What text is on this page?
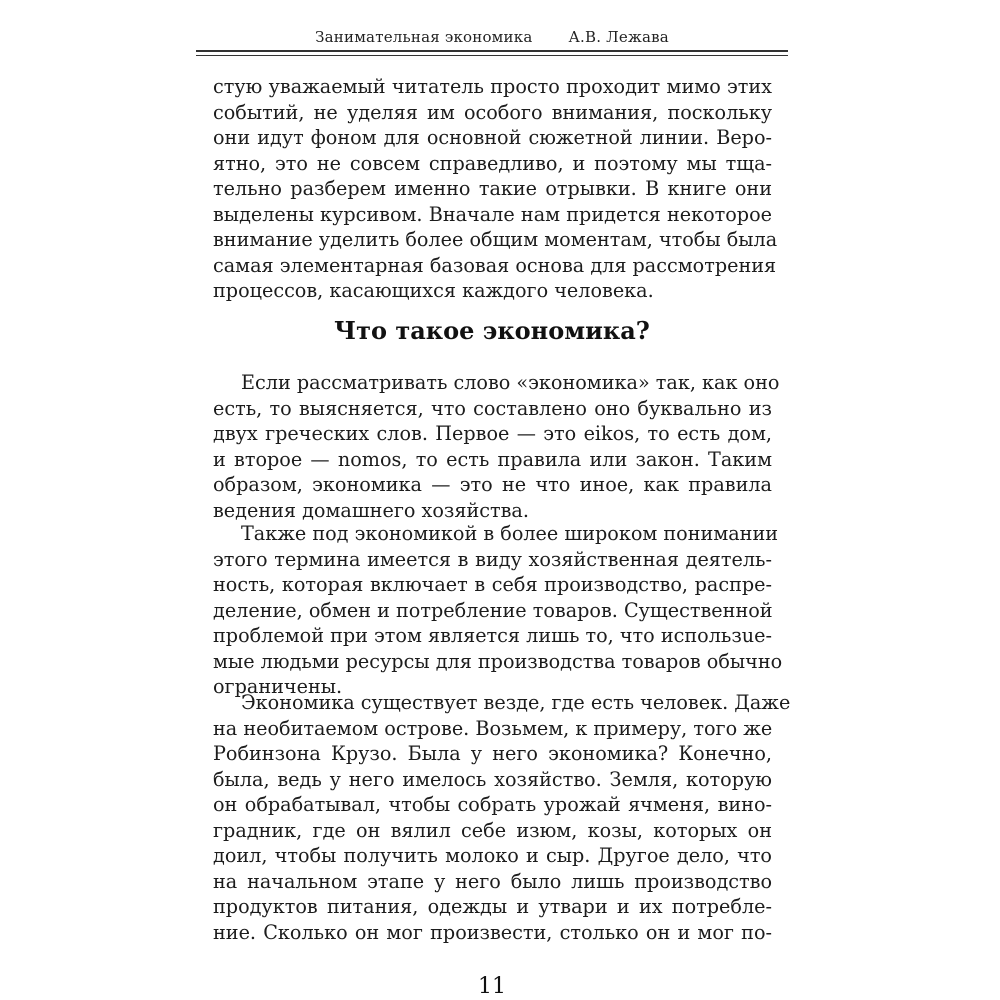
Занимательная экономика А.В. Лежава
стую уважаемый читатель просто проходит мимо этих
событий, не уделяя им особого внимания, поскольку
они идут фоном для основной сюжетной линии. Веро-
ятно, это не совсем справедливо, и поэтому мы тща-
тельно разберем именно такие отрывки. В книге они
выделены курсивом. Вначале нам придется некоторое
внимание уделить более общим моментам, чтобы была
самая элементарная базовая основа для рассмотрения
процессов, касающихся каждого человека.
Что такое экономика?
Если рассматривать слово «экономика» так, как оно
есть, то выясняется, что составлено оно буквально из
двух греческих слов. Первое — это eikos, то есть дом,
и второе — nomos, то есть правила или закон. Таким
образом, экономика — это не что иное, как правила
ведения домашнего хозяйства.
Также под экономикой в более широком понимании
этого термина имеется в виду хозяйственная деятель-
ность, которая включает в себя производство, распре-
деление, обмен и потребление товаров. Существенной
проблемой при этом является лишь то, что использue-
мые людьми ресурсы для производства товаров обычно
ограничены.
Экономика существует везде, где есть человек. Даже
на необитаемом острове. Возьмем, к примеру, того же
Робинзона Крузо. Была у него экономика? Конечно,
была, ведь у него имелось хозяйство. Земля, которую
он обрабатывал, чтобы собрать урожай ячменя, вино-
градник, где он вялил себе изюм, козы, которых он
доил, чтобы получить молоко и сыр. Другое дело, что
на начальном этапе у него было лишь производство
продуктов питания, одежды и утвари и их потребле-
ние. Сколько он мог произвести, столько он и мог по-
11
